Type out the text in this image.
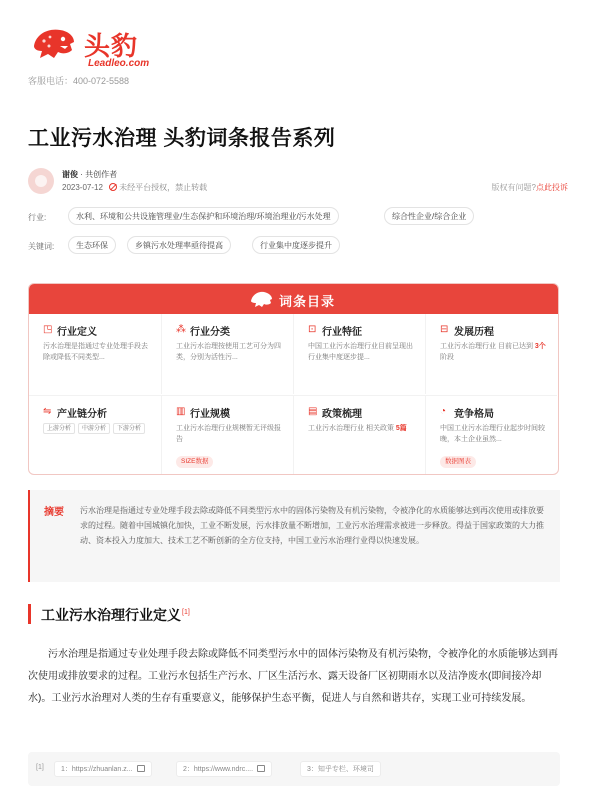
头豹
Leadleo.com
客服电话：400-072-5588
工业污水治理 头豹词条报告系列
谢俊 · 共创作者
2023-07-12 未经平台授权，禁止转载	版权有问题?点此投诉
行业:	水利、环境和公共设施管理业/生态保护和环境治理/环境治理业/污水处理	综合性企业/综合企业
关键词:	生态环保	乡镇污水处理率亟待提高	行业集中度逐步提升
词条目录
◳ 行业定义
污水治理是指通过专业处理手段去除或降低不同类型...
⁂ 行业分类
工业污水治理按使用工艺可分为四类，分别为活性污...
⊡ 行业特征
中国工业污水治理行业目前呈现出行业集中度逐步提...
⊟ 发展历程
工业污水治理行业 目前已达到 3个阶段
⇋ 产业链分析
上游分析 中游分析 下游分析
▥ 行业规模
工业污水治理行业规模暂无评级报告
SIZE数据
▤ 政策梳理
工业污水治理行业 相关政策 5篇
◔ 竞争格局
中国工业污水治理行业起步时间较晚，本土企业虽然...
数据图表
摘要 污水治理是指通过专业处理手段去除或降低不同类型污水中的固体污染物及有机污染物，令被净化的水质能够达到再次使用或排放要求的过程。随着中国城镇化加快，工业不断发展，污水排放量不断增加，工业污水治理需求被进一步释放。得益于国家政策的大力推动、资本投入力度加大、技术工艺不断创新的全方位支持，中国工业污水治理行业得以快速发展。

工业污水治理行业定义[1]

污水治理是指通过专业处理手段去除或降低不同类型污水中的固体污染物及有机污染物，令被净化的水质能够达到再次使用或排放要求的过程。工业污水包括生产污水、厂区生活污水、露天设备厂区初期雨水以及洁净废水(即间接冷却水)。工业污水治理对人类的生存有重要意义，能够保护生态平衡，促进人与自然和谐共存，实现工业可持续发展。

[1]	1：https://zhuanlan.z...	2：https://www.ndrc....	3：知乎专栏、环境司
